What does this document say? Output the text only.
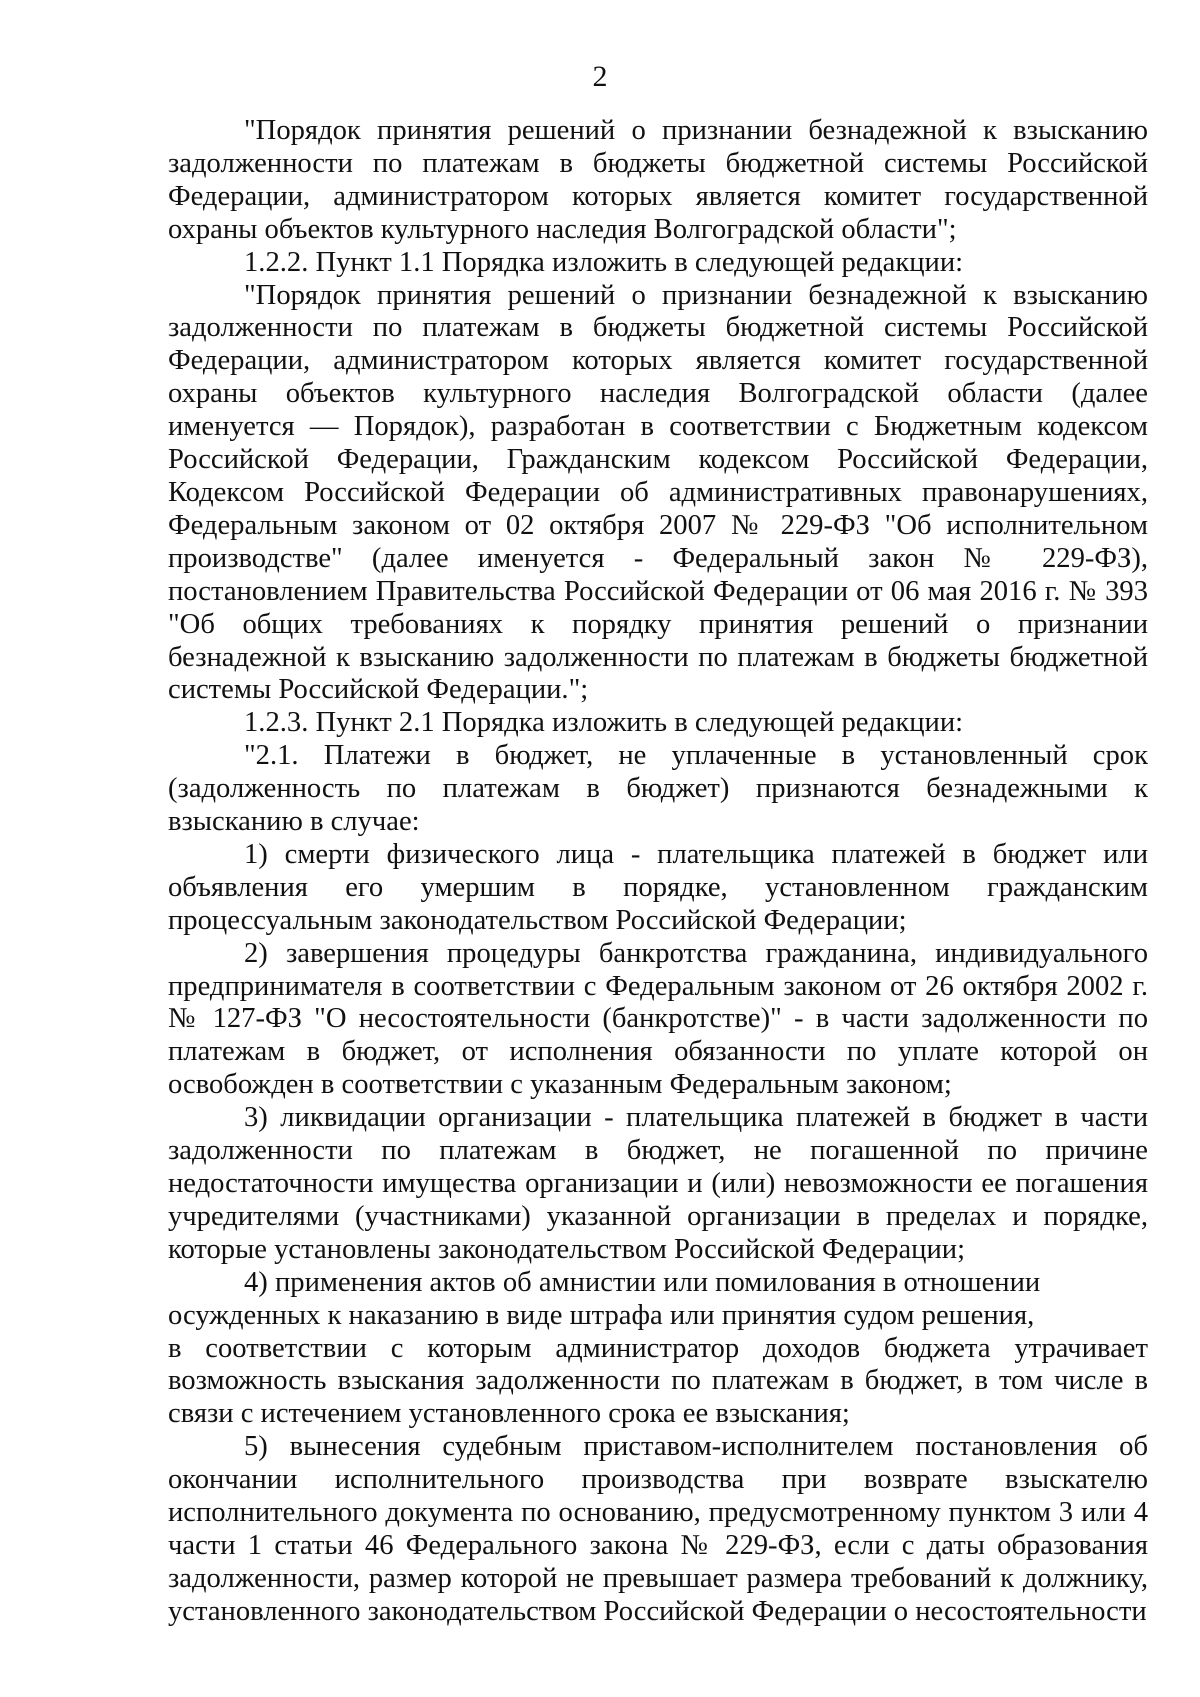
2

"Порядок принятия решений о признании безнадежной к взысканию задолженности по платежам в бюджеты бюджетной системы Российской Федерации, администратором которых является комитет государственной охраны объектов культурного наследия Волгоградской области";

1.2.2. Пункт 1.1 Порядка изложить в следующей редакции:

"Порядок принятия решений о признании безнадежной к взысканию задолженности по платежам в бюджеты бюджетной системы Российской Федерации, администратором которых является комитет государственной охраны объектов культурного наследия Волгоградской области (далее именуется — Порядок), разработан в соответствии с Бюджетным кодексом Российской Федерации, Гражданским кодексом Российской Федерации, Кодексом Российской Федерации об административных правонарушениях, Федеральным законом от 02 октября 2007 № 229-ФЗ "Об исполнительном производстве" (далее именуется - Федеральный закон № 229-ФЗ), постановлением Правительства Российской Федерации от 06 мая 2016 г. № 393 "Об общих требованиях к порядку принятия решений о признании безнадежной к взысканию задолженности по платежам в бюджеты бюджетной системы Российской Федерации.";

1.2.3. Пункт 2.1 Порядка изложить в следующей редакции:

"2.1. Платежи в бюджет, не уплаченные в установленный срок (задолженность по платежам в бюджет) признаются безнадежными к взысканию в случае:

1) смерти физического лица - плательщика платежей в бюджет или объявления его умершим в порядке, установленном гражданским процессуальным законодательством Российской Федерации;

2) завершения процедуры банкротства гражданина, индивидуального предпринимателя в соответствии с Федеральным законом от 26 октября 2002 г. № 127-ФЗ "О несостоятельности (банкротстве)" - в части задолженности по платежам в бюджет, от исполнения обязанности по уплате которой он освобожден в соответствии с указанным Федеральным законом;

3) ликвидации организации - плательщика платежей в бюджет в части задолженности по платежам в бюджет, не погашенной по причине недостаточности имущества организации и (или) невозможности ее погашения учредителями (участниками) указанной организации в пределах и порядке, которые установлены законодательством Российской Федерации;

4) применения актов об амнистии или помилования в отношении осужденных к наказанию в виде штрафа или принятия судом решения,

в соответствии с которым администратор доходов бюджета утрачивает возможность взыскания задолженности по платежам в бюджет, в том числе в связи с истечением установленного срока ее взыскания;

5) вынесения судебным приставом-исполнителем постановления об окончании исполнительного производства при возврате взыскателю исполнительного документа по основанию, предусмотренному пунктом 3 или 4 части 1 статьи 46 Федерального закона № 229-ФЗ, если с даты образования задолженности, размер которой не превышает размера требований к должнику, установленного законодательством Российской Федерации о несостоятельности
